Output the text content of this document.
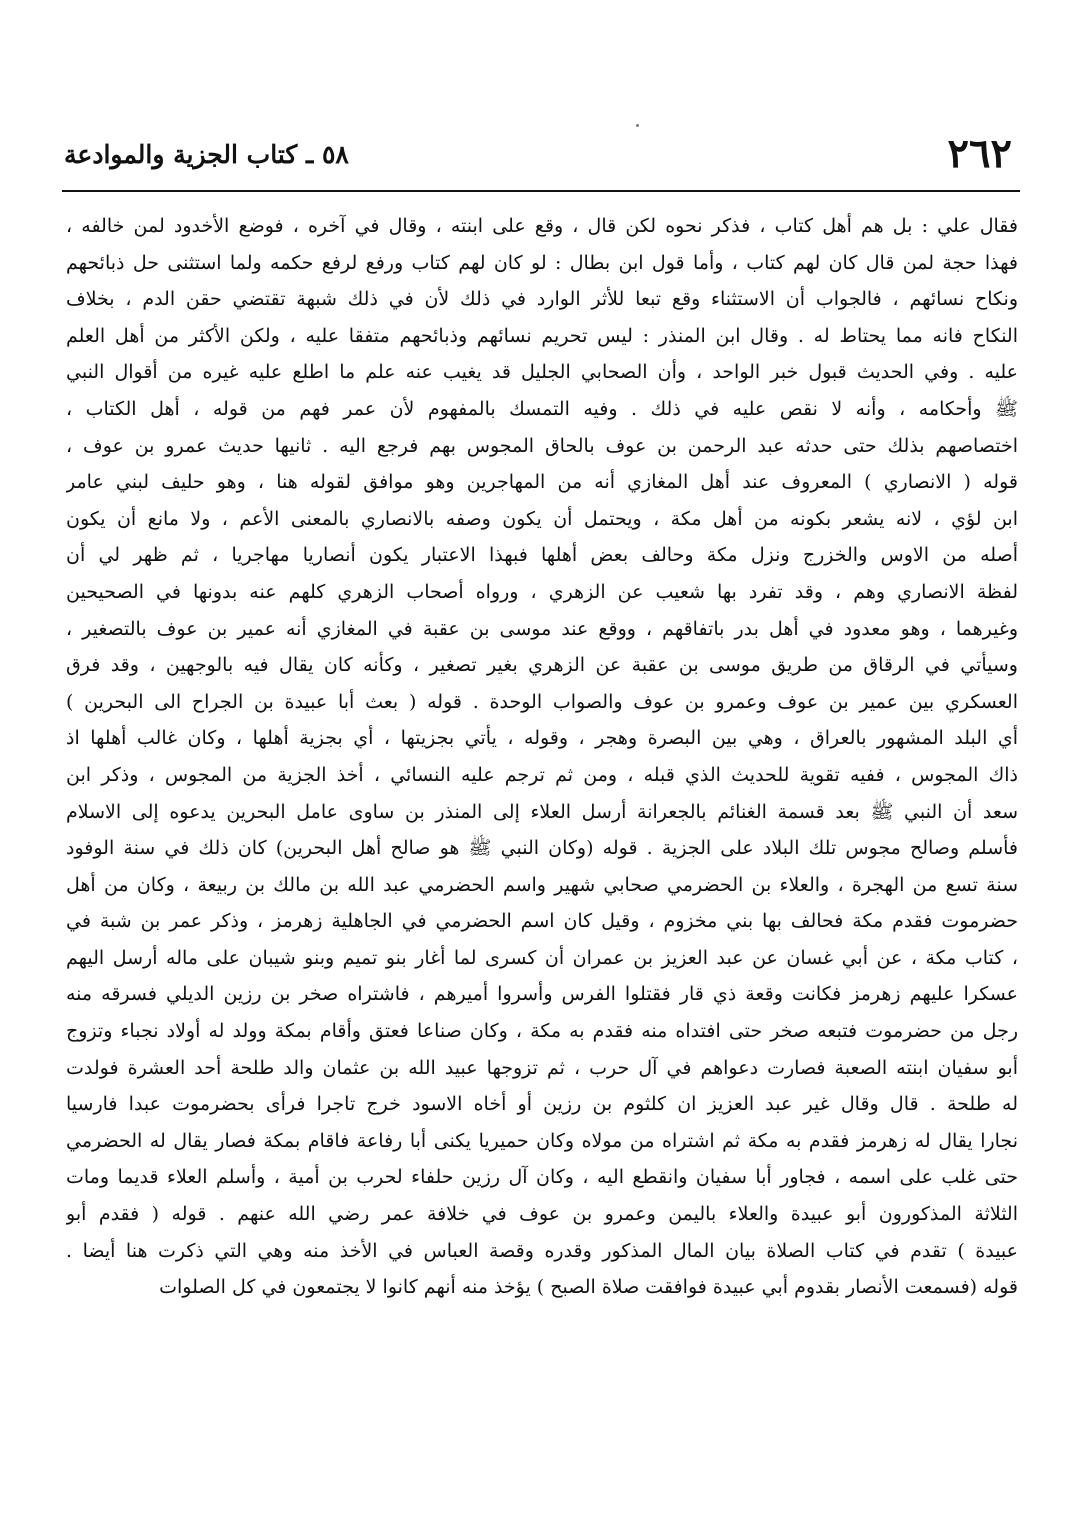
٢٦٢
٥٨ ـ كتاب الجزية والموادعة
فقال علي : بل هم أهل كتاب ، فذكر نحوه لكن قال ، وقع على ابنته ، وقال في آخره ، فوضع الأخدود لمن خالفه ،
فهذا حجة لمن قال كان لهم كتاب ، وأما قول ابن بطال : لو كان لهم كتاب ورفع لرفع حكمه ولما استثنى حل ذبائحهم
ونكاح نسائهم ، فالجواب أن الاستثناء وقع تبعا للأثر الوارد في ذلك لأن في ذلك شبهة تقتضي حقن الدم ، بخلاف
النكاح فانه مما يحتاط له . وقال ابن المنذر : ليس تحريم نسائهم وذبائحهم متفقا عليه ، ولكن الأكثر من أهل العلم
عليه . وفي الحديث قبول خبر الواحد ، وأن الصحابي الجليل قد يغيب عنه علم ما اطلع عليه غيره من أقوال النبي
ﷺ وأحكامه ، وأنه لا نقص عليه في ذلك . وفيه التمسك بالمفهوم لأن عمر فهم من قوله ، أهل الكتاب ،
اختصاصهم بذلك حتى حدثه عبد الرحمن بن عوف بالحاق المجوس بهم فرجع اليه . ثانيها حديث عمرو بن عوف ،
قوله ( الانصاري ) المعروف عند أهل المغازي أنه من المهاجرين وهو موافق لقوله هنا ، وهو حليف لبني عامر
ابن لؤي ، لانه يشعر بكونه من أهل مكة ، ويحتمل أن يكون وصفه بالانصاري بالمعنى الأعم ، ولا مانع أن يكون
أصله من الاوس والخزرج ونزل مكة وحالف بعض أهلها فبهذا الاعتبار يكون أنصاريا مهاجريا ، ثم ظهر لي أن
لفظة الانصاري وهم ، وقد تفرد بها شعيب عن الزهري ، ورواه أصحاب الزهري كلهم عنه بدونها في الصحيحين
وغيرهما ، وهو معدود في أهل بدر باتفاقهم ، ووقع عند موسى بن عقبة في المغازي أنه عمير بن عوف بالتصغير ،
وسيأتي في الرقاق من طريق موسى بن عقبة عن الزهري بغير تصغير ، وكأنه كان يقال فيه بالوجهين ، وقد فرق
العسكري بين عمير بن عوف وعمرو بن عوف والصواب الوحدة . قوله ( بعث أبا عبيدة بن الجراح الى البحرين )
أي البلد المشهور بالعراق ، وهي بين البصرة وهجر ، وقوله ، يأتي بجزيتها ، أي بجزية أهلها ، وكان غالب أهلها اذ
ذاك المجوس ، ففيه تقوية للحديث الذي قبله ، ومن ثم ترجم عليه النسائي ، أخذ الجزية من المجوس ، وذكر ابن
سعد أن النبي ﷺ بعد قسمة الغنائم بالجعرانة أرسل العلاء إلى المنذر بن ساوى عامل البحرين يدعوه إلى الاسلام
فأسلم وصالح مجوس تلك البلاد على الجزية . قوله (وكان النبي ﷺ هو صالح أهل البحرين) كان ذلك في سنة الوفود
سنة تسع من الهجرة ، والعلاء بن الحضرمي صحابي شهير واسم الحضرمي عبد الله بن مالك بن ربيعة ، وكان من أهل
حضرموت فقدم مكة فحالف بها بني مخزوم ، وقيل كان اسم الحضرمي في الجاهلية زهرمز ، وذكر عمر بن شبة في
، كتاب مكة ، عن أبي غسان عن عبد العزيز بن عمران أن كسرى لما أغار بنو تميم وبنو شيبان على ماله أرسل اليهم
عسكرا عليهم زهرمز فكانت وقعة ذي قار فقتلوا الفرس وأسروا أميرهم ، فاشتراه صخر بن رزين الديلي فسرقه منه
رجل من حضرموت فتبعه صخر حتى افتداه منه فقدم به مكة ، وكان صناعا فعتق وأقام بمكة وولد له أولاد نجباء وتزوج
أبو سفيان ابنته الصعبة فصارت دعواهم في آل حرب ، ثم تزوجها عبيد الله بن عثمان والد طلحة أحد العشرة فولدت
له طلحة . قال وقال غير عبد العزيز ان كلثوم بن رزين أو أخاه الاسود خرج تاجرا فرأى بحضرموت عبدا فارسيا
نجارا يقال له زهرمز فقدم به مكة ثم اشتراه من مولاه وكان حميريا يكنى أبا رفاعة فاقام بمكة فصار يقال له الحضرمي
حتى غلب على اسمه ، فجاور أبا سفيان وانقطع اليه ، وكان آل رزين حلفاء لحرب بن أمية ، وأسلم العلاء قديما ومات
الثلاثة المذكورون أبو عبيدة والعلاء باليمن وعمرو بن عوف في خلافة عمر رضي الله عنهم . قوله ( فقدم أبو
عبيدة ) تقدم في كتاب الصلاة بيان المال المذكور وقدره وقصة العباس في الأخذ منه وهي التي ذكرت هنا أيضا .
قوله (فسمعت الأنصار بقدوم أبي عبيدة فوافقت صلاة الصبح ) يؤخذ منه أنهم كانوا لا يجتمعون في كل الصلوات
